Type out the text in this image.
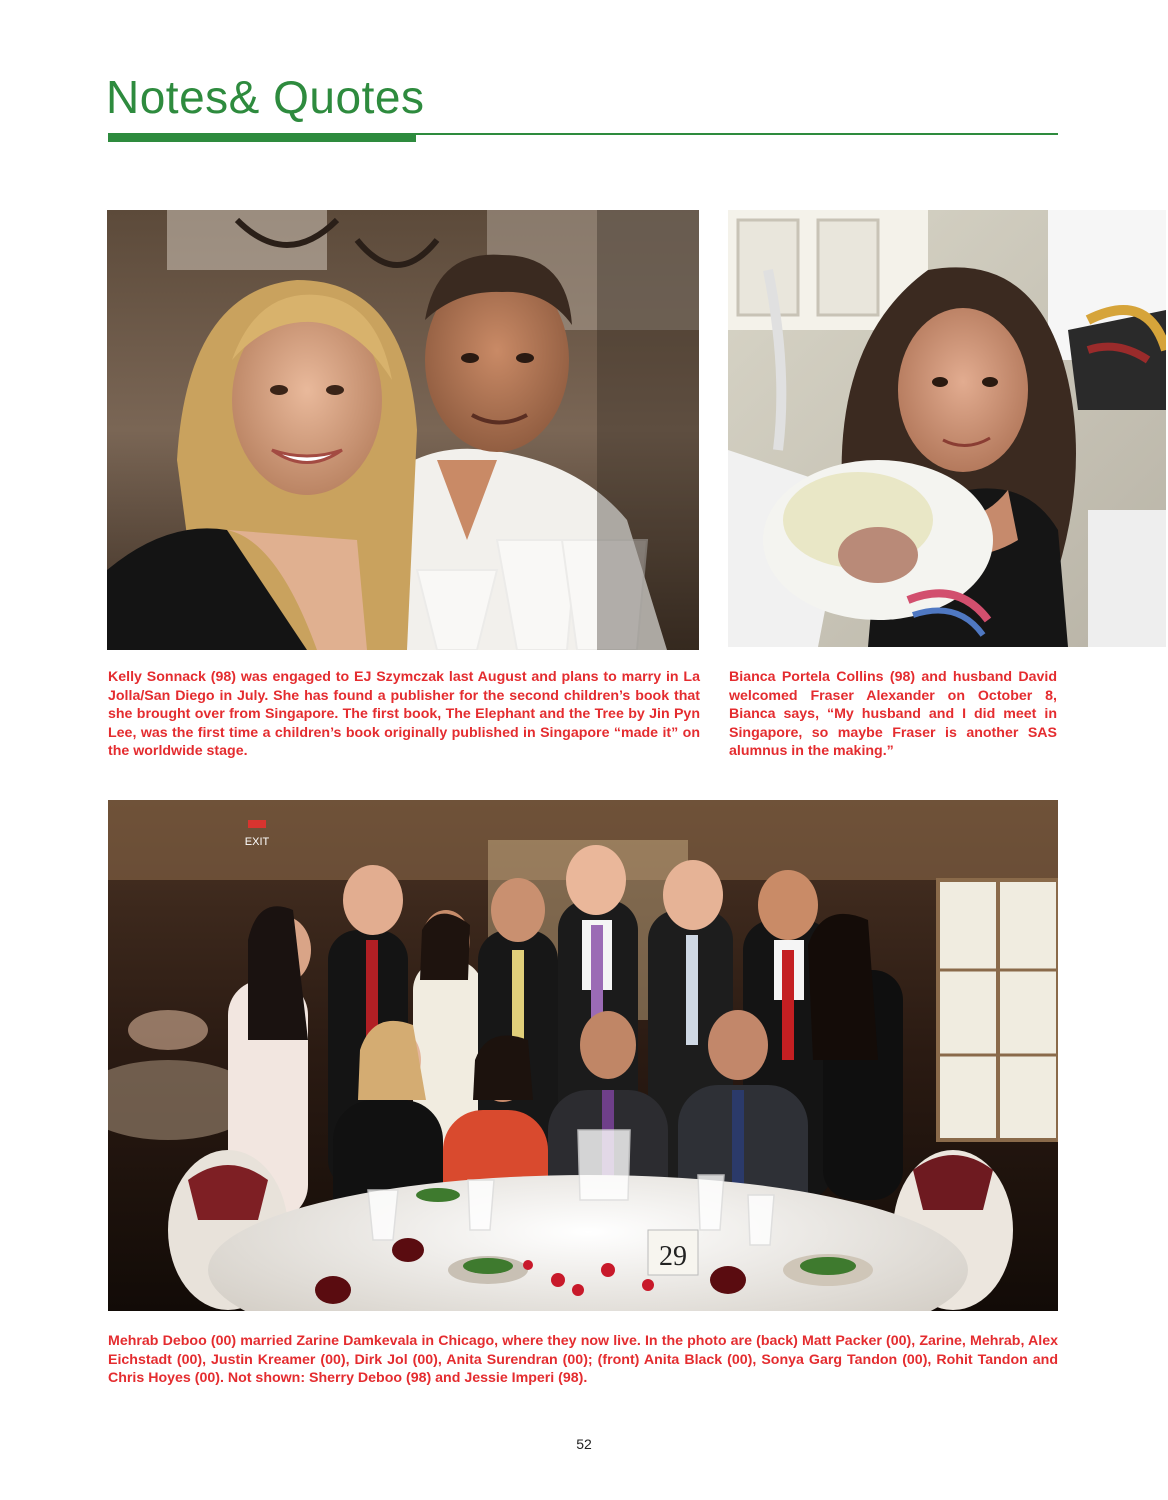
Notes& Quotes

Kelly Sonnack (98) was engaged to EJ Szymczak last August and plans to marry in La Jolla/San Diego in July. She has found a publisher for the second children’s book that she brought over from Singapore. The first book, The Elephant and the Tree by Jin Pyn Lee, was the first time a children’s book originally published in Singapore “made it” on the worldwide stage.

Bianca Portela Collins (98) and husband David welcomed Fraser Alexander on October 8, Bianca says, “My husband and I did meet in Singapore, so maybe Fraser is another SAS alumnus in the making.”

EXIT
29

Mehrab Deboo (00) married Zarine Damkevala in Chicago, where they now live. In the photo are (back) Matt Packer (00), Zarine, Mehrab, Alex Eichstadt (00), Justin Kreamer (00), Dirk Jol (00), Anita Surendran (00); (front) Anita Black (00), Sonya Garg Tandon (00), Rohit Tandon and Chris Hoyes (00). Not shown: Sherry Deboo (98) and Jessie Imperi (98).

52
